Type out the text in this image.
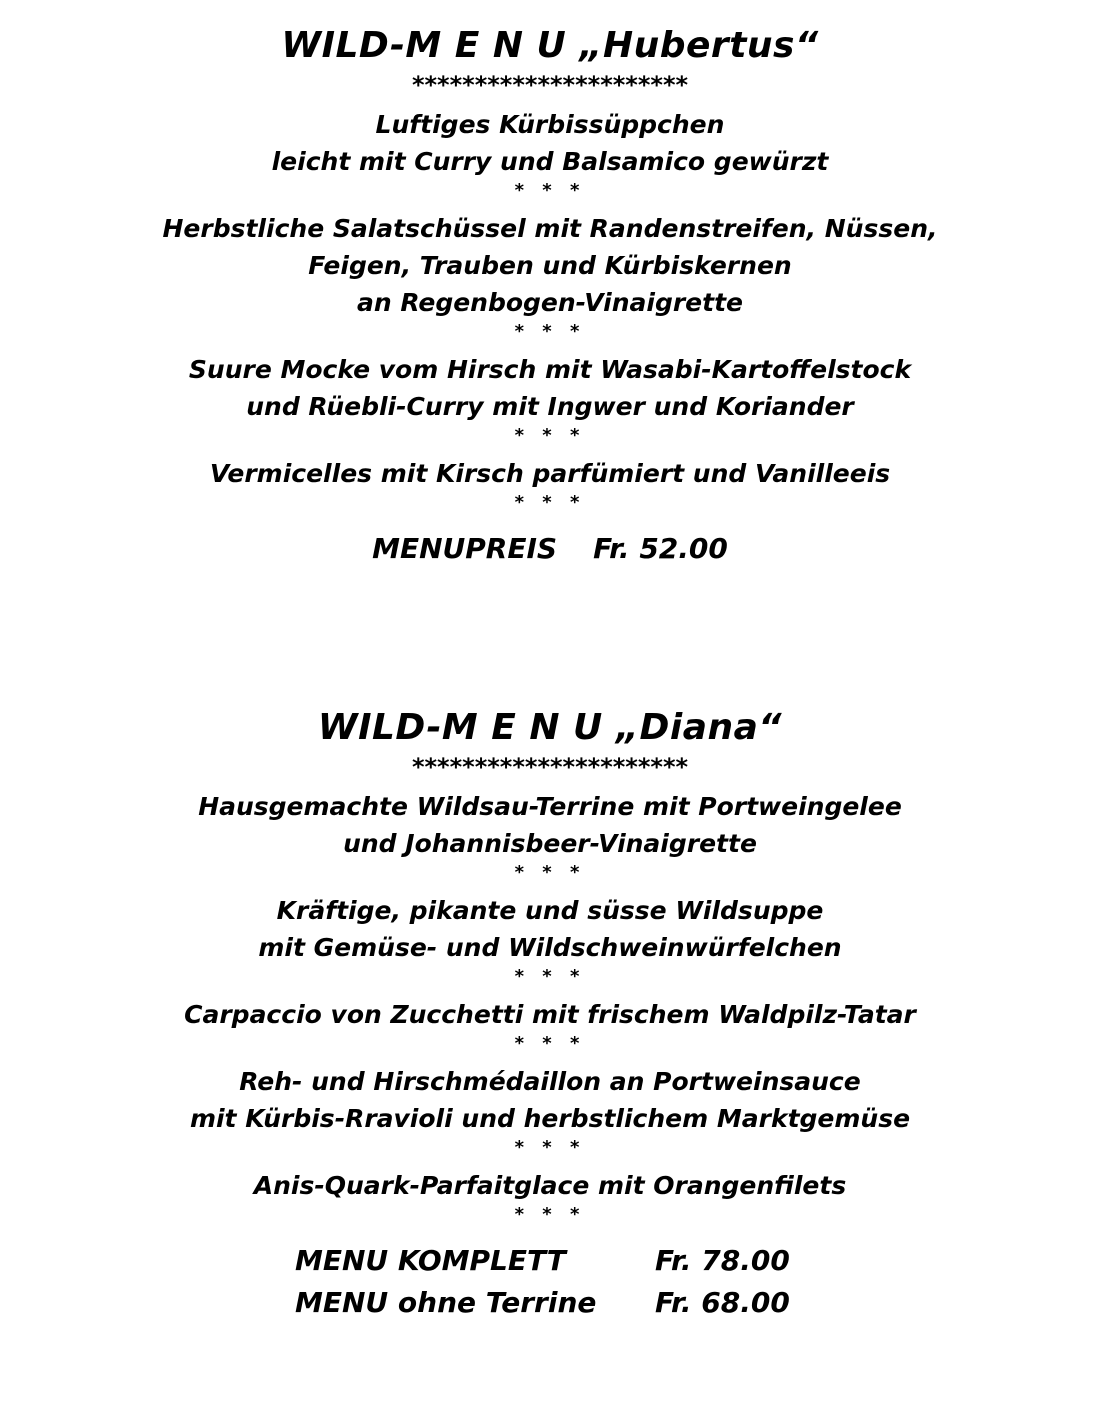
WILD-M E N U „Hubertus“
**********************
Luftiges Kürbissüppchen
leicht mit Curry und Balsamico gewürzt
* * *
Herbstliche Salatschüssel mit Randenstreifen, Nüssen,
Feigen, Trauben und Kürbiskernen
an Regenbogen-Vinaigrette
* * *
Suure Mocke vom Hirsch mit Wasabi-Kartoffelstock
und Rüebli-Curry mit Ingwer und Koriander
* * *
Vermicelles mit Kirsch parfümiert und Vanilleeis
* * *
MENUPREIS Fr. 52.00
WILD-M E N U „Diana“
**********************
Hausgemachte Wildsau-Terrine mit Portweingelee
und Johannisbeer-Vinaigrette
* * *
Kräftige, pikante und süsse Wildsuppe
mit Gemüse- und Wildschweinwürfelchen
* * *
Carpaccio von Zucchetti mit frischem Waldpilz-Tatar
* * *
Reh- und Hirschmédaillon an Portweinsauce
mit Kürbis-Rravioli und herbstlichem Marktgemüse
* * *
Anis-Quark-Parfaitglace mit Orangenfilets
* * *
MENU KOMPLETT	Fr. 78.00
MENU ohne Terrine Fr. 68.00
